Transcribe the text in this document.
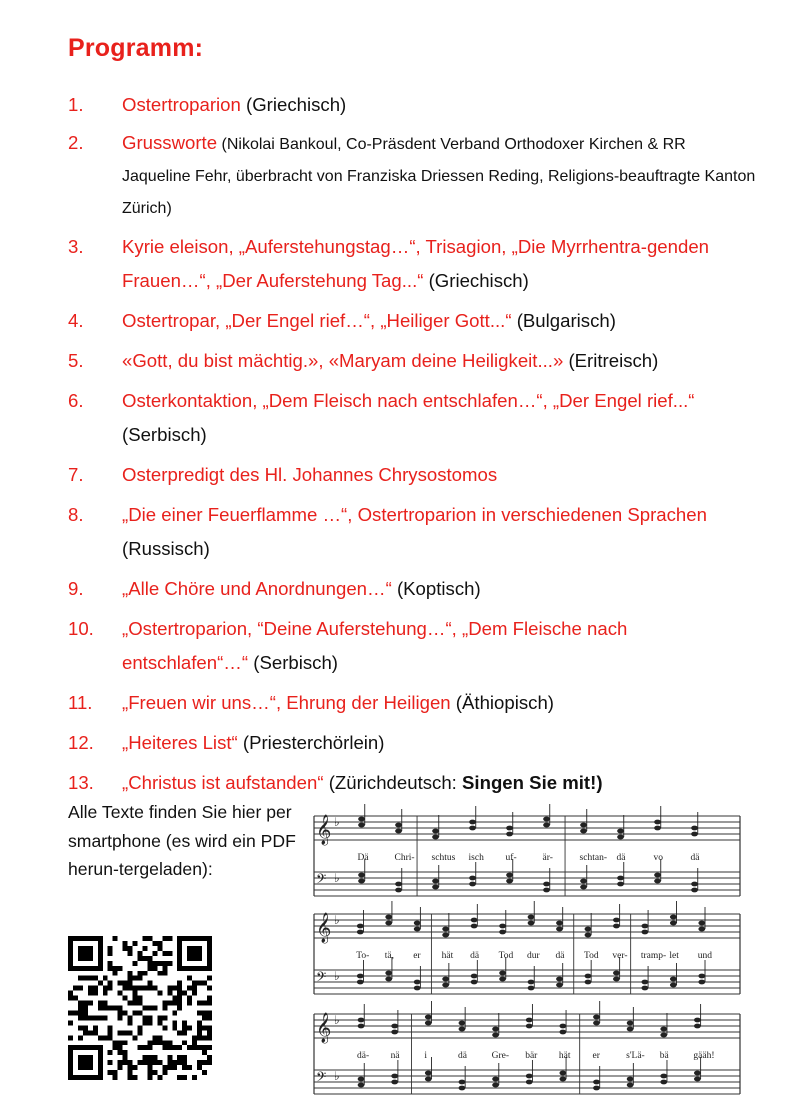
Programm:
1.	Ostertroparion (Griechisch)
2.	Grussworte (Nikolai Bankoul, Co-Präsdent Verband Orthodoxer Kirchen & RR Jaqueline Fehr, überbracht von Franziska Driessen Reding, Religions-beauftragte Kanton Zürich)
3.	Kyrie eleison, „Auferstehungstag…“, Trisagion, „Die Myrrhentra-genden Frauen…“, „Der Auferstehung Tag...“ (Griechisch)
4.	Ostertropar, „Der Engel rief…“, „Heiliger Gott...“ (Bulgarisch)
5.	«Gott, du bist mächtig.», «Maryam deine Heiligkeit...» (Eritreisch)
6.	Osterkontaktion, „Dem Fleisch nach entschlafen…“, „Der Engel rief...“ (Serbisch)
7.	Osterpredigt des Hl. Johannes Chrysostomos
8.	„Die einer Feuerflamme …“, Ostertroparion in verschiedenen Sprachen (Russisch)
9.	„Alle Chöre und Anordnungen…“ (Koptisch)
10.	„Ostertroparion, “Deine Auferstehung…“, „Dem Fleische nach entschlafen“…“ (Serbisch)
11.	„Freuen wir uns…“, Ehrung der Heiligen (Äthiopisch)
12.	„Heiteres List“ (Priesterchörlein)
13.	„Christus ist aufstanden“ (Zürichdeutsch: Singen Sie mit!)
Alle Texte finden Sie hier per smartphone (es wird ein PDF herun-tergeladen):
𝄞 ♭
𝄢 ♭
Dä	Chri- schtus isch uf-	är-	schtan- dä	vo	dä
𝄞 ♭
𝄢 ♭
To- tä, er hät dä Tod dur dä Tod ver- tramp- let und
𝄞 ♭
𝄢 ♭
dä- nä	i	dä	Gre- bär hät er	s'Lä- bä	gääh!
